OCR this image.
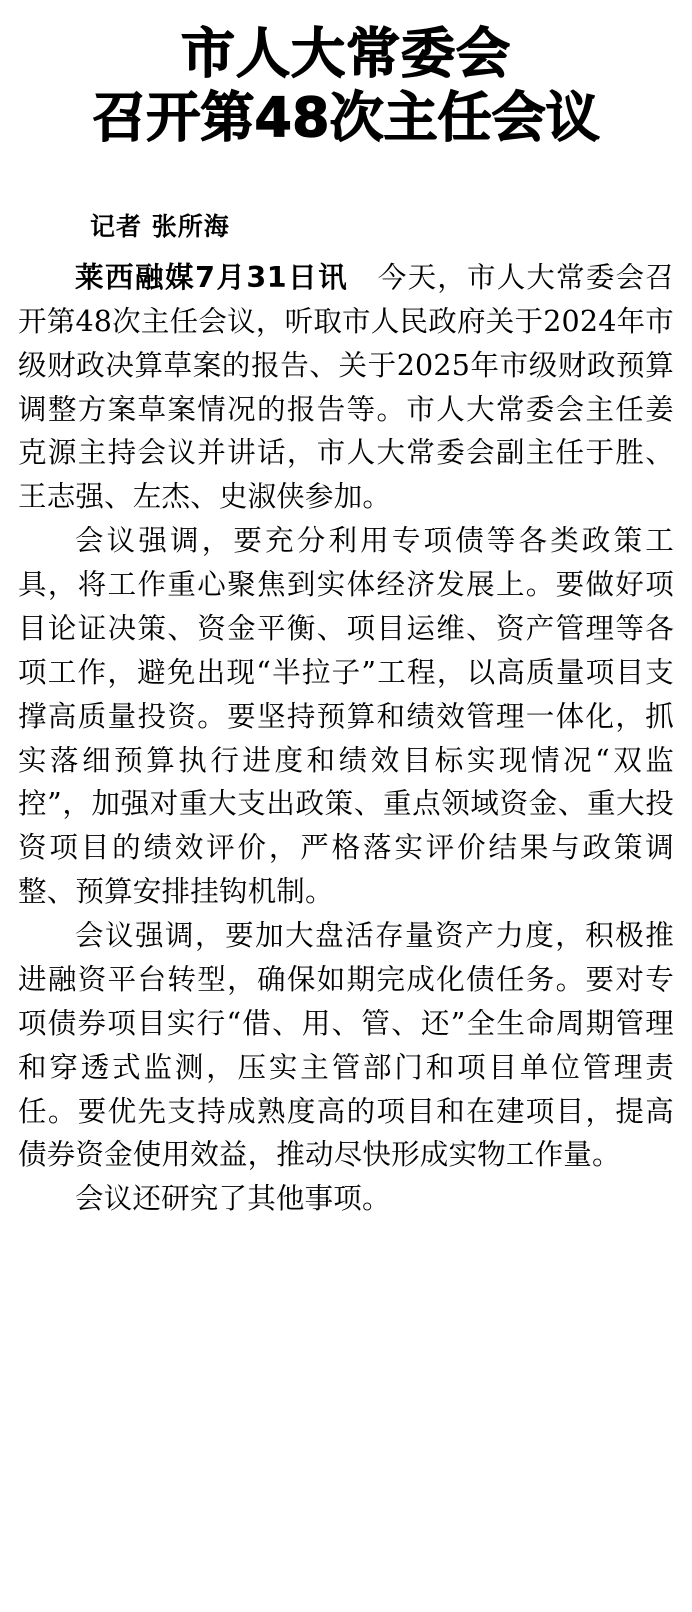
市人大常委会
召开第48次主任会议
记者 张所海

莱西融媒7月31日讯　今天，市人大常委会召开第48次主任会议，听取市人民政府关于2024年市级财政决算草案的报告、关于2025年市级财政预算调整方案草案情况的报告等。市人大常委会主任姜克源主持会议并讲话，市人大常委会副主任于胜、王志强、左杰、史淑侠参加。

会议强调，要充分利用专项债等各类政策工具，将工作重心聚焦到实体经济发展上。要做好项目论证决策、资金平衡、项目运维、资产管理等各项工作，避免出现“半拉子”工程，以高质量项目支撑高质量投资。要坚持预算和绩效管理一体化，抓实落细预算执行进度和绩效目标实现情况“双监控”，加强对重大支出政策、重点领域资金、重大投资项目的绩效评价，严格落实评价结果与政策调整、预算安排挂钩机制。

会议强调，要加大盘活存量资产力度，积极推进融资平台转型，确保如期完成化债任务。要对专项债券项目实行“借、用、管、还”全生命周期管理和穿透式监测，压实主管部门和项目单位管理责任。要优先支持成熟度高的项目和在建项目，提高债券资金使用效益，推动尽快形成实物工作量。

会议还研究了其他事项。
